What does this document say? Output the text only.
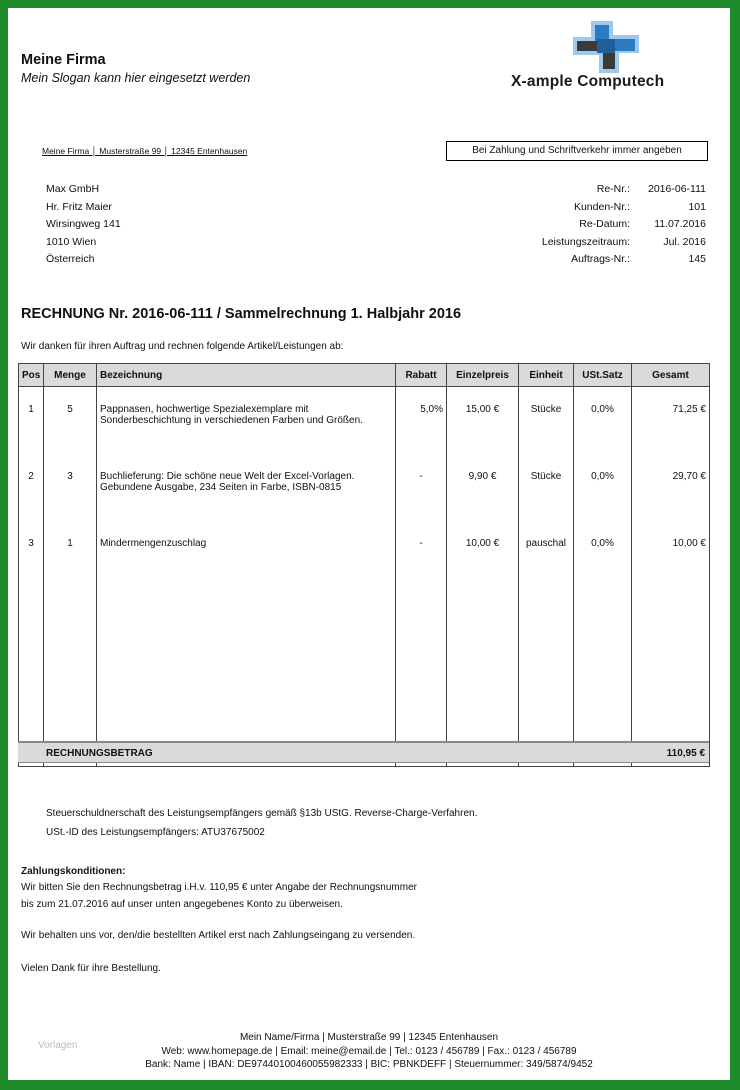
Meine Firma
Mein Slogan kann hier eingesetzt werden	X-ample Computech
Meine Firma │ Musterstraße 99 │ 12345 Entenhausen	Bei Zahlung und Schriftverkehr immer angeben
Max GmbH
Hr. Fritz Maier
Wirsingweg 141
1010 Wien
Österreich
Re-Nr.:	2016-06-111
Kunden-Nr.:	101
Re-Datum:	11.07.2016
Leistungszeitraum:	Jul. 2016
Auftrags-Nr.:	145
RECHNUNG Nr. 2016-06-111 / Sammelrechnung 1. Halbjahr 2016
Wir danken für ihren Auftrag und rechnen folgende Artikel/Leistungen ab:
Pos	Menge	Bezeichnung	Rabatt	Einzelpreis	Einheit	USt.Satz	Gesamt
1	5	Pappnasen, hochwertige Spezialexemplare mit
Sonderbeschichtung in verschiedenen Farben und Größen.	5,0%	15,00 €	Stücke	0,0%	71,25 €
2	3	Buchlieferung: Die schöne neue Welt der Excel-Vorlagen.
Gebundene Ausgabe, 234 Seiten in Farbe, ISBN-0815	-	9,90 €	Stücke	0,0%	29,70 €
3	1	Mindermengenzuschlag	-	10,00 €	pauschal	0,0%	10,00 €

RECHNUNGSBETRAG	110,95 €
Steuerschuldnerschaft des Leistungsempfängers gemäß §13b UStG. Reverse-Charge-Verfahren.
USt.-ID des Leistungsempfängers: ATU37675002
Zahlungskonditionen:
Wir bitten Sie den Rechnungsbetrag i.H.v. 110,95 € unter Angabe der Rechnungsnummer
bis zum 21.07.2016 auf unser unten angegebenes Konto zu überweisen.
Wir behalten uns vor, den/die bestellten Artikel erst nach Zahlungseingang zu versenden.
Vielen Dank für ihre Bestellung.
Vorlagen
Mein Name/Firma | Musterstraße 99 | 12345 Entenhausen
Web: www.homepage.de | Email: meine@email.de | Tel.: 0123 / 456789 | Fax.: 0123 / 456789
Bank: Name | IBAN: DE97440100460055982333 | BIC: PBNKDEFF | Steuernummer: 349/5874/9452
